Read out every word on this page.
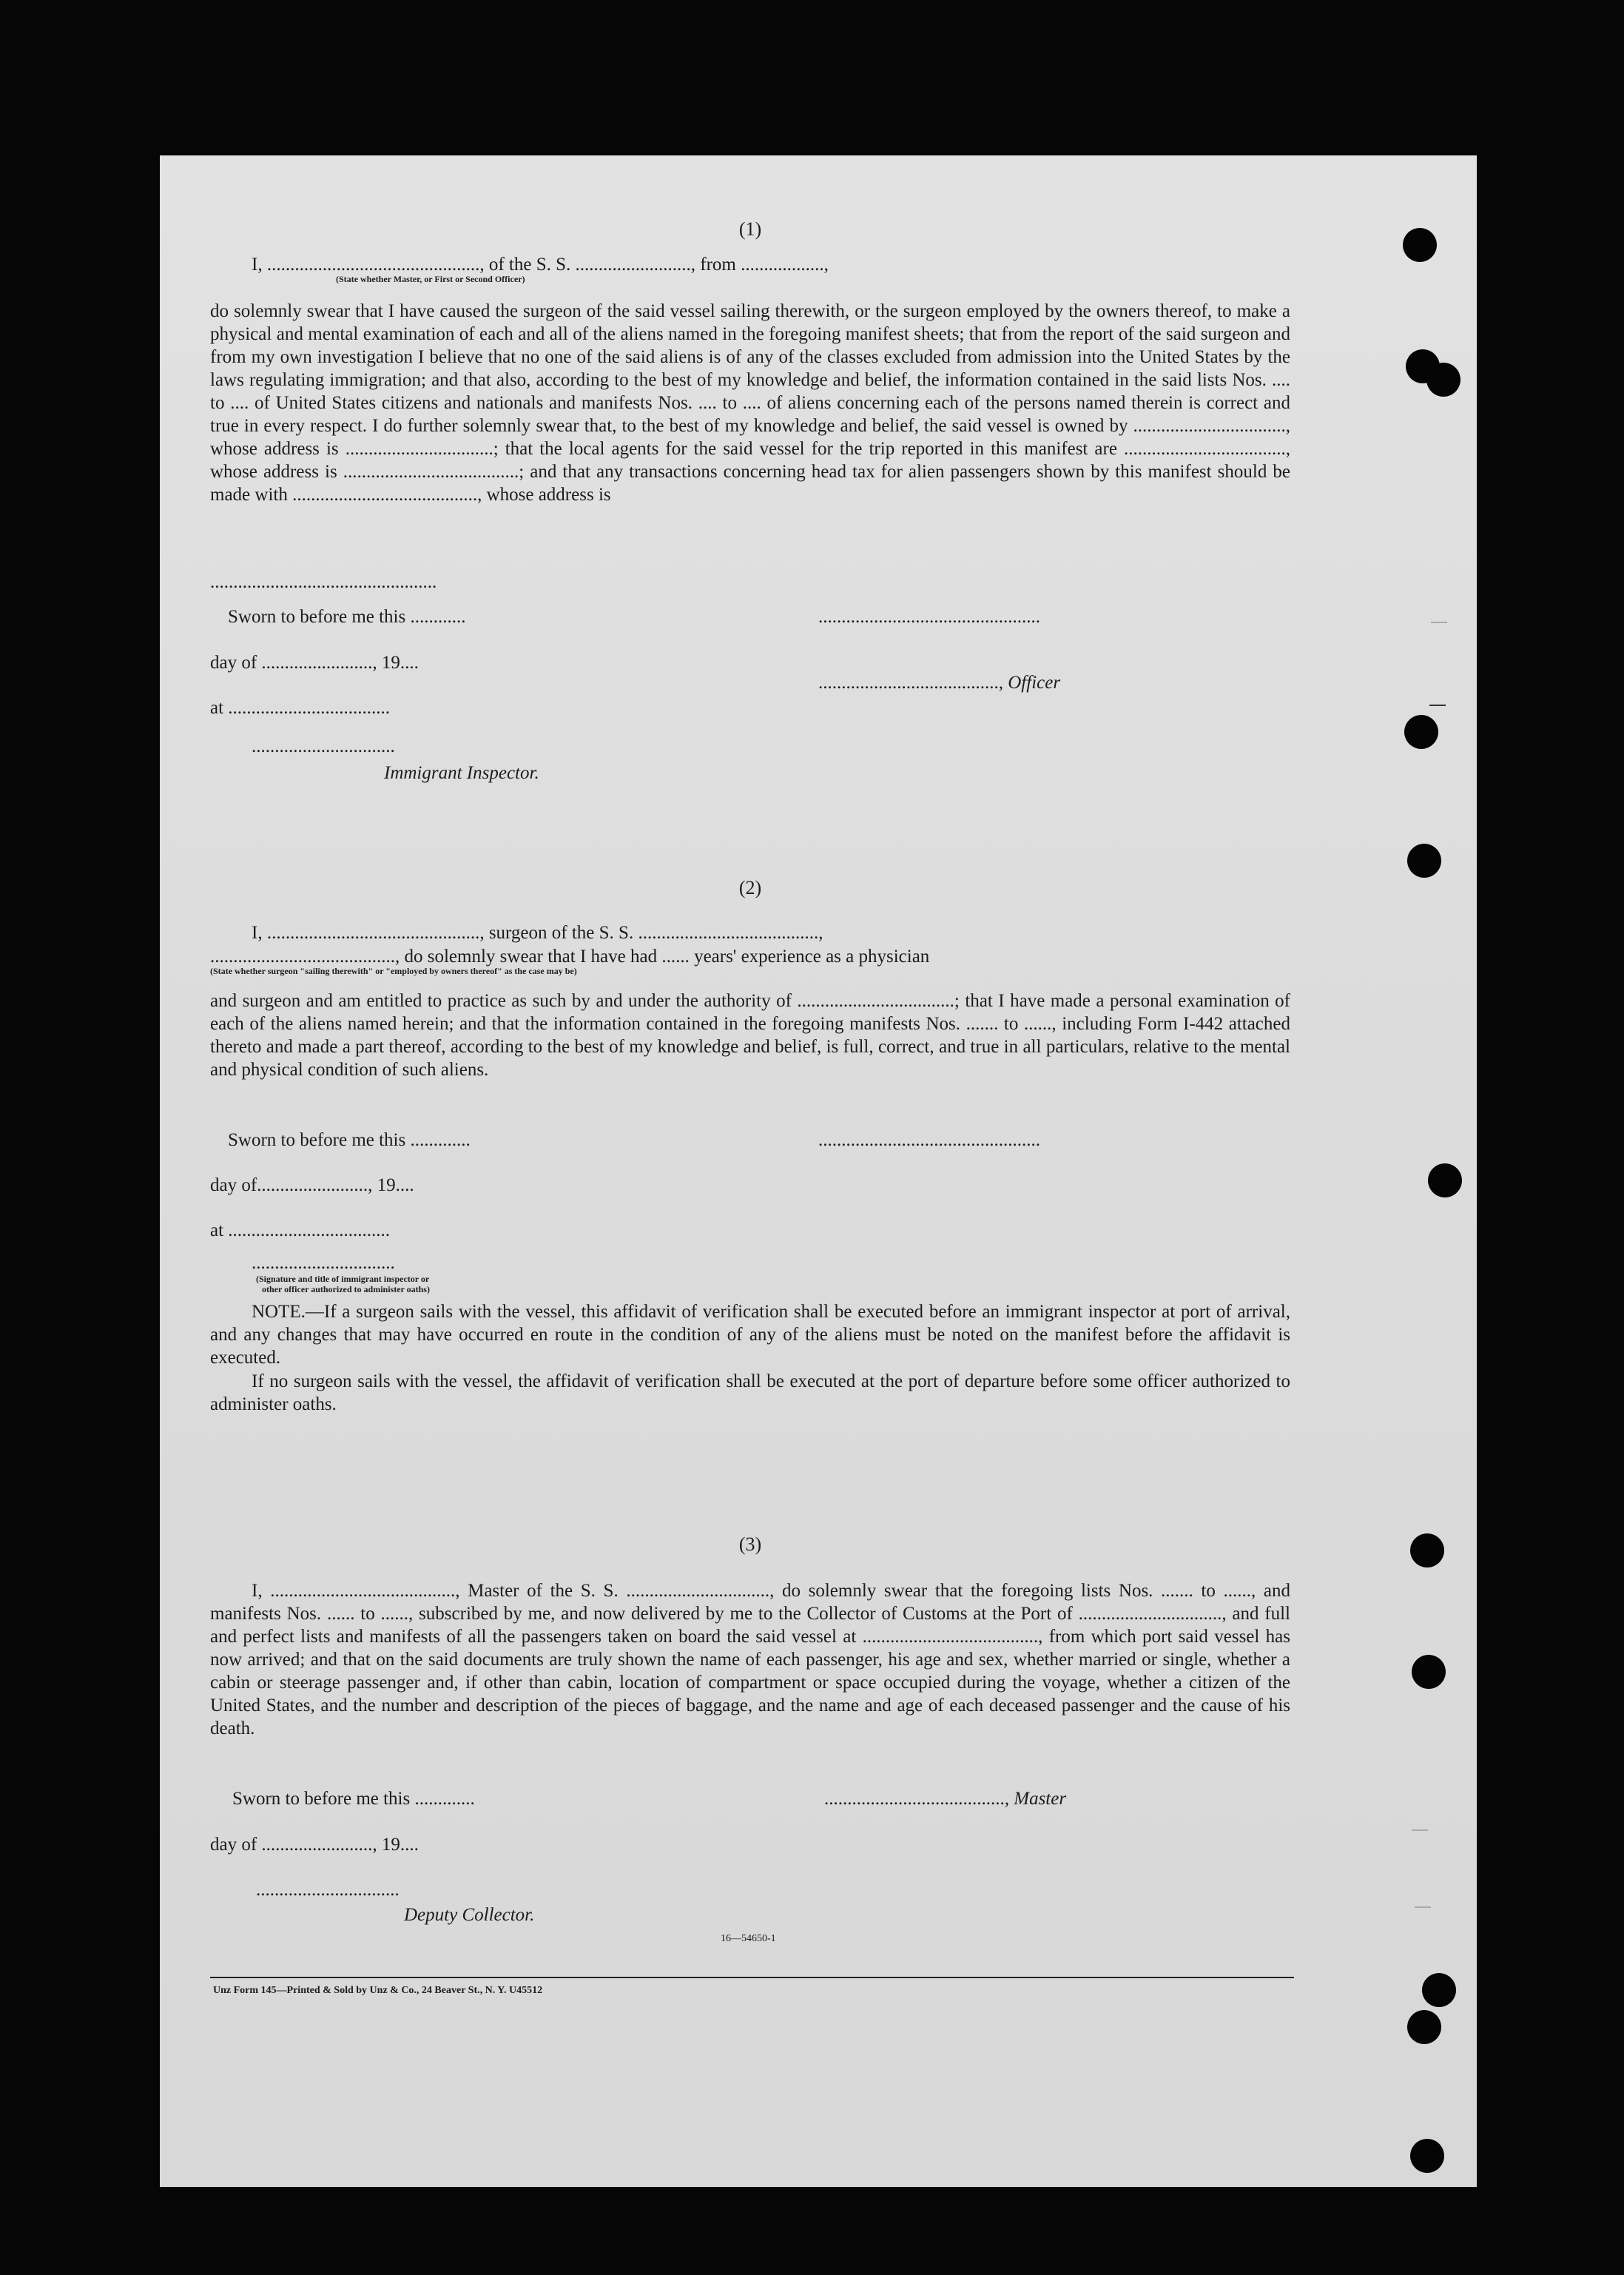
(1)
I, .............................................., of the S. S. ........................., from ..................,
(State whether Master, or First or Second Officer)
do solemnly swear that I have caused the surgeon of the said vessel sailing therewith, or the surgeon employed by the owners thereof, to make a physical and mental examination of each and all of the aliens named in the foregoing manifest sheets; that from the report of the said surgeon and from my own investigation I believe that no one of the said aliens is of any of the classes excluded from admission into the United States by the laws regulating immigration; and that also, according to the best of my knowledge and belief, the information contained in the said lists Nos. .... to .... of United States citizens and nationals and manifests Nos. .... to .... of aliens concerning each of the persons named therein is correct and true in every respect. I do further solemnly swear that, to the best of my knowledge and belief, the said vessel is owned by ................................., whose address is ................................; that the local agents for the said vessel for the trip reported in this manifest are ..................................., whose address is ......................................; and that any transactions concerning head tax for alien passengers shown by this manifest should be made with ........................................, whose address is
.................................................
Sworn to before me this ............	................................................
day of ........................, 19....
......................................., Officer
at ...................................
...............................
Immigrant Inspector.
(2)
I, .............................................., surgeon of the S. S. .......................................,
........................................, do solemnly swear that I have had ...... years' experience as a physician
(State whether surgeon "sailing therewith" or "employed by owners thereof" as the case may be)
and surgeon and am entitled to practice as such by and under the authority of ..................................; that I have made a personal examination of each of the aliens named herein; and that the information contained in the foregoing manifests Nos. ....... to ......, including Form I-442 attached thereto and made a part thereof, according to the best of my knowledge and belief, is full, correct, and true in all particulars, relative to the mental and physical condition of such aliens.
Sworn to before me this .............	................................................
day of........................, 19....
at ...................................
...............................
(Signature and title of immigrant inspector or
other officer authorized to administer oaths)
NOTE.—If a surgeon sails with the vessel, this affidavit of verification shall be executed before an immigrant inspector at port of arrival, and any changes that may have occurred en route in the condition of any of the aliens must be noted on the manifest before the affidavit is executed.
If no surgeon sails with the vessel, the affidavit of verification shall be executed at the port of departure before some officer authorized to administer oaths.
(3)
I, ........................................, Master of the S. S. ..............................., do solemnly swear that the foregoing lists Nos. ....... to ......, and manifests Nos. ...... to ......, subscribed by me, and now delivered by me to the Collector of Customs at the Port of ..............................., and full and perfect lists and manifests of all the passengers taken on board the said vessel at ......................................, from which port said vessel has now arrived; and that on the said documents are truly shown the name of each passenger, his age and sex, whether married or single, whether a cabin or steerage passenger and, if other than cabin, location of compartment or space occupied during the voyage, whether a citizen of the United States, and the number and description of the pieces of baggage, and the name and age of each deceased passenger and the cause of his death.
Sworn to before me this .............	......................................., Master
day of ........................, 19....
...............................
Deputy Collector.
16—54650-1
Unz Form 145—Printed & Sold by Unz & Co., 24 Beaver St., N. Y. U45512
